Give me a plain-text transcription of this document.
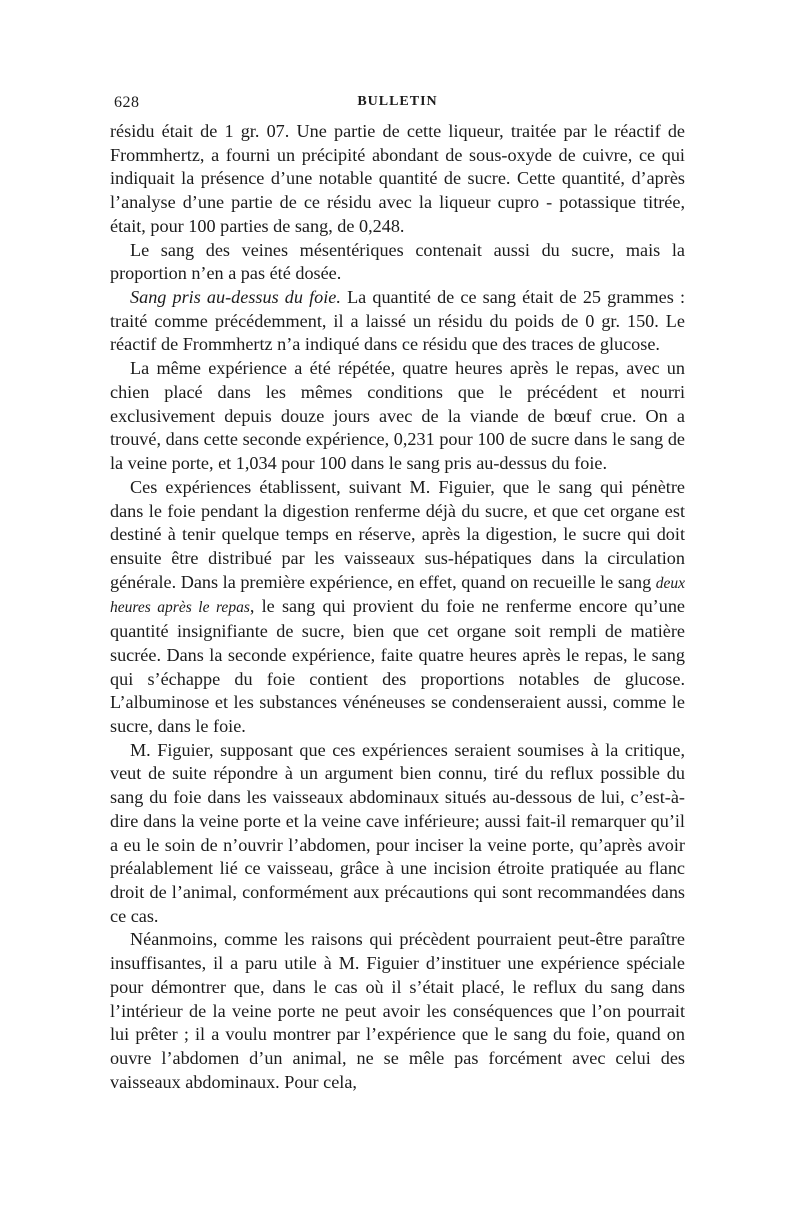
628	BULLETIN

résidu était de 1 gr. 07. Une partie de cette liqueur, traitée par le réactif de Frommhertz, a fourni un précipité abondant de sous-oxyde de cuivre, ce qui indiquait la présence d’une notable quantité de sucre. Cette quantité, d’après l’analyse d’une partie de ce résidu avec la liqueur cupro - potassique titrée, était, pour 100 parties de sang, de 0,248.

Le sang des veines mésentériques contenait aussi du sucre, mais la proportion n’en a pas été dosée.

Sang pris au-dessus du foie. La quantité de ce sang était de 25 grammes : traité comme précédemment, il a laissé un résidu du poids de 0 gr. 150. Le réactif de Frommhertz n’a indiqué dans ce résidu que des traces de glucose.

La même expérience a été répétée, quatre heures après le repas, avec un chien placé dans les mêmes conditions que le précédent et nourri exclusivement depuis douze jours avec de la viande de bœuf crue. On a trouvé, dans cette seconde expérience, 0,231 pour 100 de sucre dans le sang de la veine porte, et 1,034 pour 100 dans le sang pris au-dessus du foie.

Ces expériences établissent, suivant M. Figuier, que le sang qui pénètre dans le foie pendant la digestion renferme déjà du sucre, et que cet organe est destiné à tenir quelque temps en réserve, après la digestion, le sucre qui doit ensuite être distribué par les vaisseaux sus-hépatiques dans la circulation générale. Dans la première expérience, en effet, quand on recueille le sang deux heures après le repas, le sang qui provient du foie ne renferme encore qu’une quantité insignifiante de sucre, bien que cet organe soit rempli de matière sucrée. Dans la seconde expérience, faite quatre heures après le repas, le sang qui s’échappe du foie contient des proportions notables de glucose. L’albuminose et les substances vénéneuses se condenseraient aussi, comme le sucre, dans le foie.

M. Figuier, supposant que ces expériences seraient soumises à la critique, veut de suite répondre à un argument bien connu, tiré du reflux possible du sang du foie dans les vaisseaux abdominaux situés au-dessous de lui, c’est-à-dire dans la veine porte et la veine cave inférieure; aussi fait-il remarquer qu’il a eu le soin de n’ouvrir l’abdomen, pour inciser la veine porte, qu’après avoir préalablement lié ce vaisseau, grâce à une incision étroite pratiquée au flanc droit de l’animal, conformément aux précautions qui sont recommandées dans ce cas.

Néanmoins, comme les raisons qui précèdent pourraient peut-être paraître insuffisantes, il a paru utile à M. Figuier d’instituer une expérience spéciale pour démontrer que, dans le cas où il s’était placé, le reflux du sang dans l’intérieur de la veine porte ne peut avoir les conséquences que l’on pourrait lui prêter ; il a voulu montrer par l’expérience que le sang du foie, quand on ouvre l’abdomen d’un animal, ne se mêle pas forcément avec celui des vaisseaux abdominaux. Pour cela,
